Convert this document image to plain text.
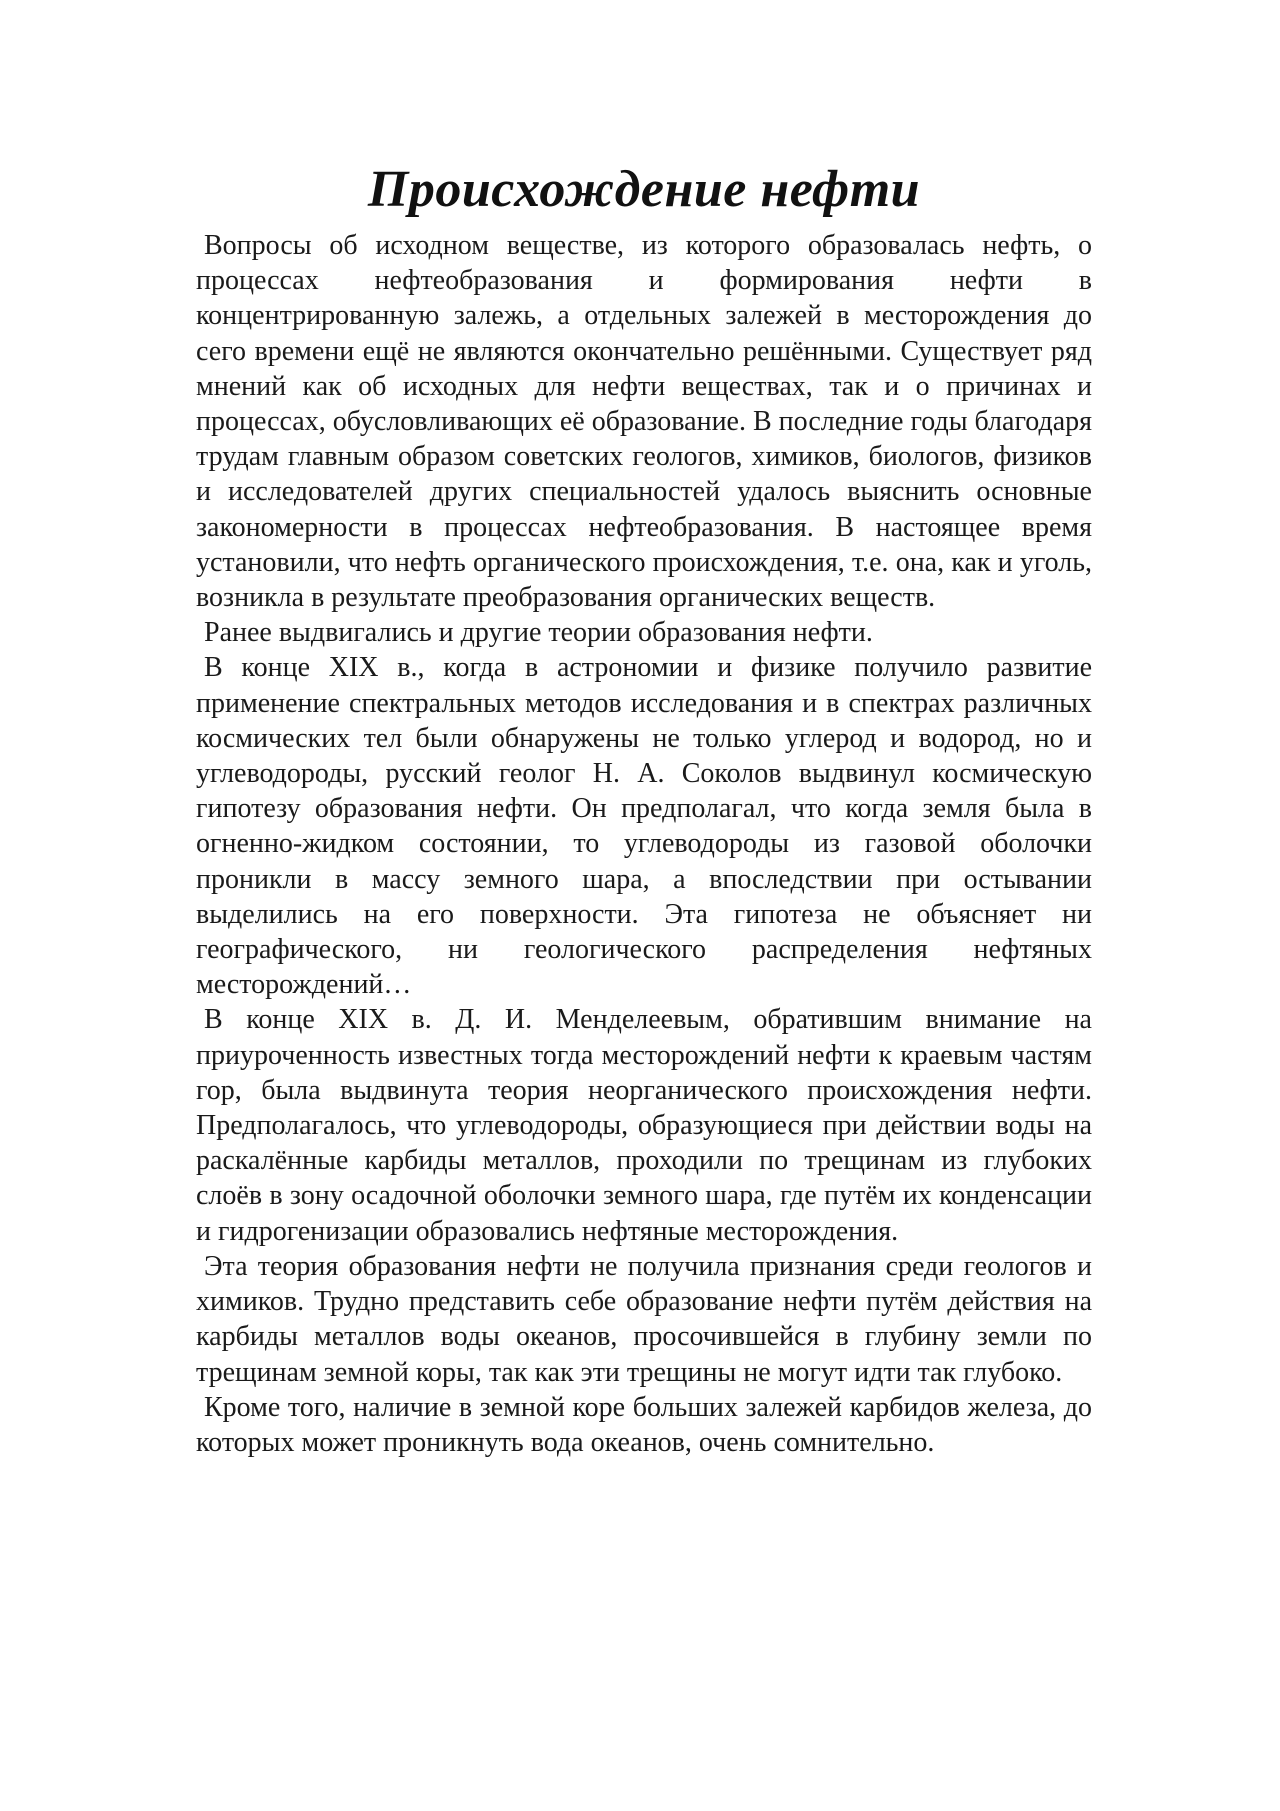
Происхождение нефти

Вопросы об исходном веществе, из которого образовалась нефть, о процессах нефтеобразования и формирования нефти в концентрированную залежь, а отдельных залежей в месторождения до сего времени ещё не являются окончательно решёнными. Существует ряд мнений как об исходных для нефти веществах, так и о причинах и процессах, обусловливающих её образование. В последние годы благодаря трудам главным образом советских геологов, химиков, биологов, физиков и исследователей других специальностей удалось выяснить основные закономерности в процессах нефтеобразования. В настоящее время установили, что нефть органического происхождения, т.е. она, как и уголь, возникла в результате преобразования органических веществ.

Ранее выдвигались и другие теории образования нефти.

В конце XIX в., когда в астрономии и физике получило развитие применение спектральных методов исследования и в спектрах различных космических тел были обнаружены не только углерод и водород, но и углеводороды, русский геолог Н. А. Соколов выдвинул космическую гипотезу образования нефти. Он предполагал, что когда земля была в огненно-жидком состоянии, то углеводороды из газовой оболочки проникли в массу земного шара, а впоследствии при остывании выделились на его поверхности. Эта гипотеза не объясняет ни географического, ни геологического распределения нефтяных месторождений…

В конце XIX в. Д. И. Менделеевым, обратившим внимание на приуроченность известных тогда месторождений нефти к краевым частям гор, была выдвинута теория неорганического происхождения нефти. Предполагалось, что углеводороды, образующиеся при действии воды на раскалённые карбиды металлов, проходили по трещинам из глубоких слоёв в зону осадочной оболочки земного шара, где путём их конденсации и гидрогенизации образовались нефтяные месторождения.

Эта теория образования нефти не получила признания среди геологов и химиков. Трудно представить себе образование нефти путём действия на карбиды металлов воды океанов, просочившейся в глубину земли по трещинам земной коры, так как эти трещины не могут идти так глубоко.

Кроме того, наличие в земной коре больших залежей карбидов железа, до которых может проникнуть вода океанов, очень сомнительно.
